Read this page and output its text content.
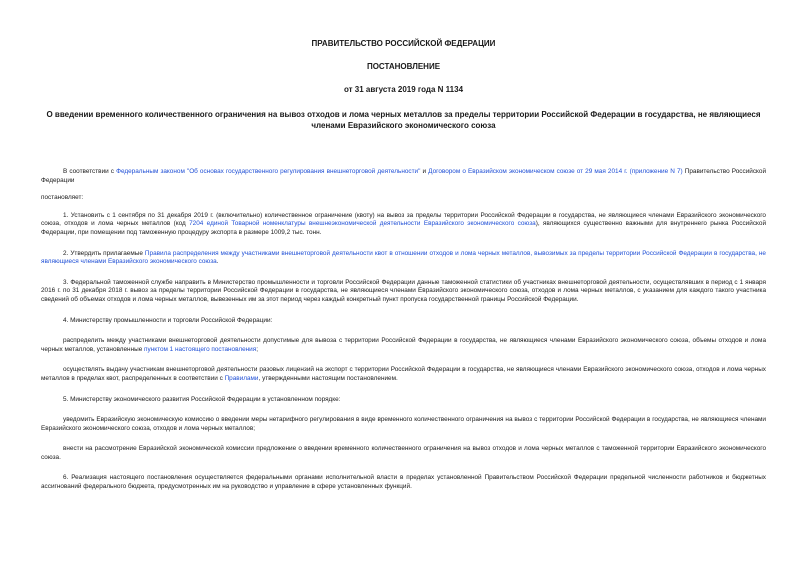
ПРАВИТЕЛЬСТВО РОССИЙСКОЙ ФЕДЕРАЦИИ
ПОСТАНОВЛЕНИЕ
от 31 августа 2019 года N 1134
О введении временного количественного ограничения на вывоз отходов и лома черных металлов за пределы территории Российской Федерации в государства, не являющиеся членами Евразийского экономического союза

В соответствии с Федеральным законом "Об основах государственного регулирования внешнеторговой деятельности" и Договором о Евразийском экономическом союзе от 29 мая 2014 г. (приложение N 7) Правительство Российской Федерации

постановляет:

1. Установить с 1 сентября по 31 декабря 2019 г. (включительно) количественное ограничение (квоту) на вывоз за пределы территории Российской Федерации в государства, не являющиеся членами Евразийского экономического союза, отходов и лома черных металлов (код 7204 единой Товарной номенклатуры внешнеэкономической деятельности Евразийского экономического союза), являющихся существенно важными для внутреннего рынка Российской Федерации, при помещении под таможенную процедуру экспорта в размере 1009,2 тыс. тонн.

2. Утвердить прилагаемые Правила распределения между участниками внешнеторговой деятельности квот в отношении отходов и лома черных металлов, вывозимых за пределы территории Российской Федерации в государства, не являющиеся членами Евразийского экономического союза.

3. Федеральной таможенной службе направить в Министерство промышленности и торговли Российской Федерации данные таможенной статистики об участниках внешнеторговой деятельности, осуществлявших в период с 1 января 2016 г. по 31 декабря 2018 г. вывоз за пределы территории Российской Федерации в государства, не являющиеся членами Евразийского экономического союза, отходов и лома черных металлов, с указанием для каждого такого участника сведений об объемах отходов и лома черных металлов, вывезенных им за этот период через каждый конкретный пункт пропуска государственной границы Российской Федерации.

4. Министерству промышленности и торговли Российской Федерации:

распределить между участниками внешнеторговой деятельности допустимые для вывоза с территории Российской Федерации в государства, не являющиеся членами Евразийского экономического союза, объемы отходов и лома черных металлов, установленные пунктом 1 настоящего постановления;

осуществлять выдачу участникам внешнеторговой деятельности разовых лицензий на экспорт с территории Российской Федерации в государства, не являющиеся членами Евразийского экономического союза, отходов и лома черных металлов в пределах квот, распределенных в соответствии с Правилами, утвержденными настоящим постановлением.

5. Министерству экономического развития Российской Федерации в установленном порядке:

уведомить Евразийскую экономическую комиссию о введении меры нетарифного регулирования в виде временного количественного ограничения на вывоз с территории Российской Федерации в государства, не являющиеся членами Евразийского экономического союза, отходов и лома черных металлов;

внести на рассмотрение Евразийской экономической комиссии предложение о введении временного количественного ограничения на вывоз отходов и лома черных металлов с таможенной территории Евразийского экономического союза.

6. Реализация настоящего постановления осуществляется федеральными органами исполнительной власти в пределах установленной Правительством Российской Федерации предельной численности работников и бюджетных ассигнований федерального бюджета, предусмотренных им на руководство и управление в сфере установленных функций.
